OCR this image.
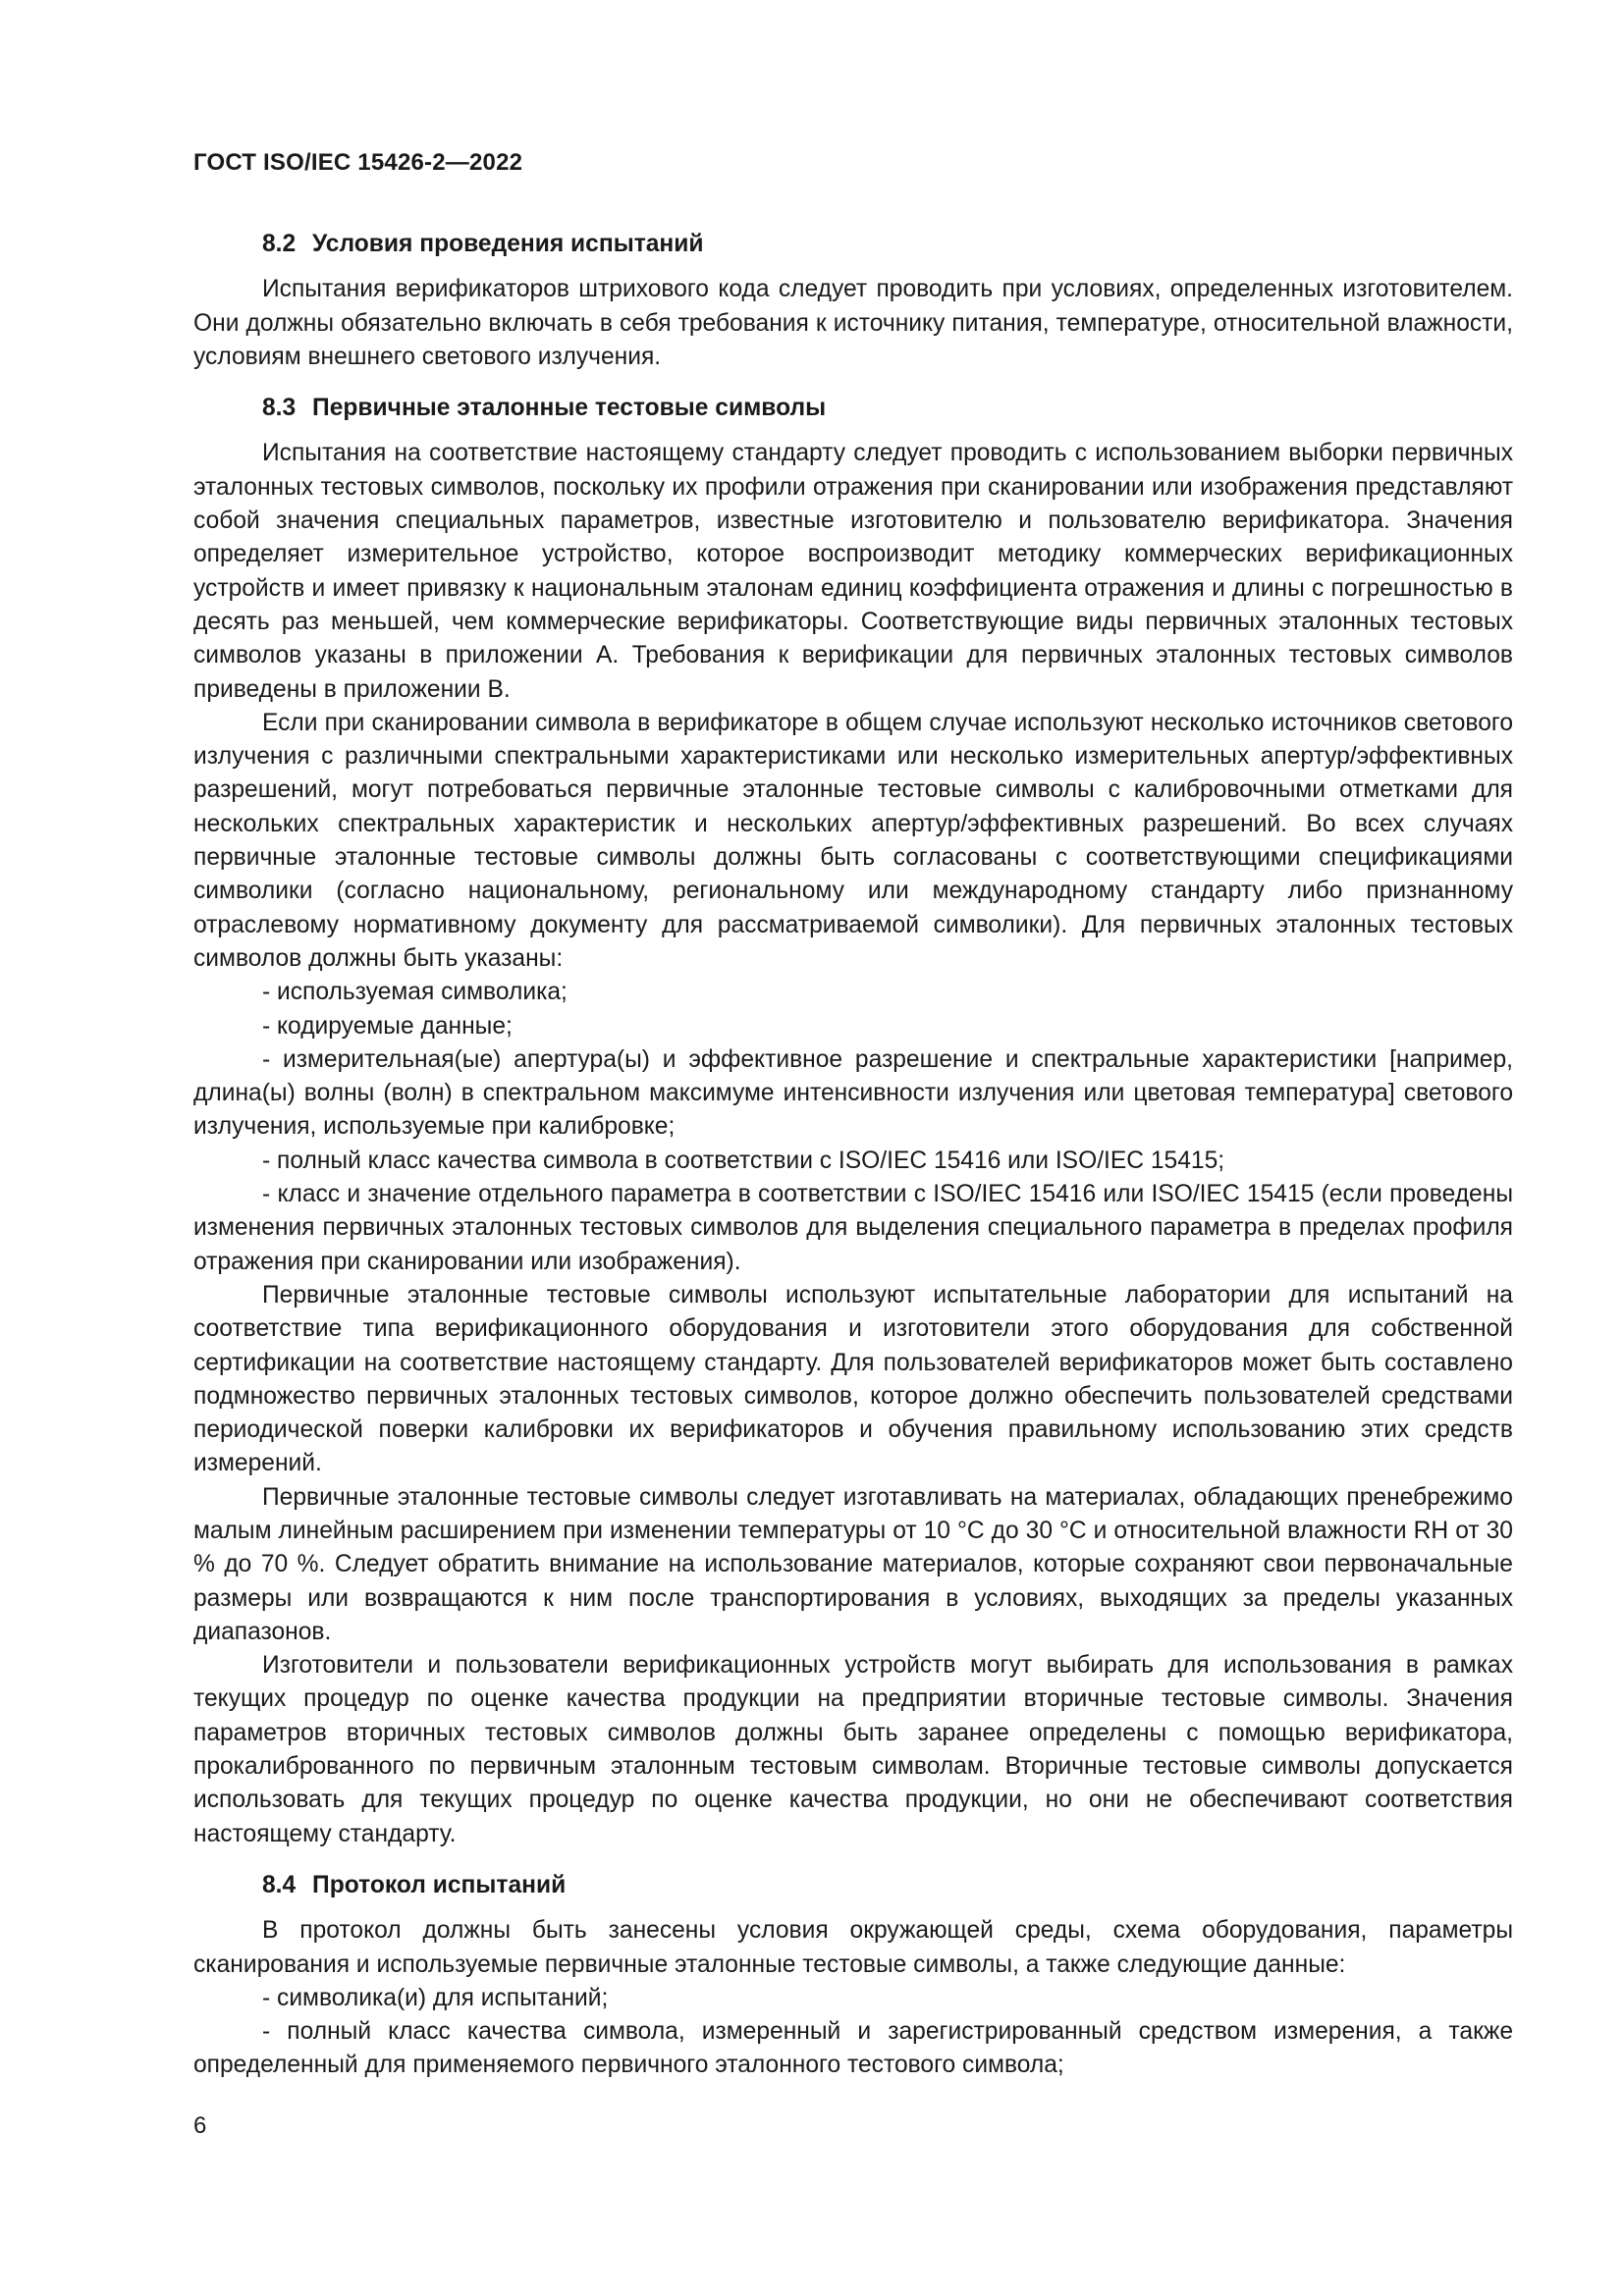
ГОСТ ISO/IEC 15426-2—2022
8.2 Условия проведения испытаний

Испытания верификаторов штрихового кода следует проводить при условиях, определенных изготовителем. Они должны обязательно включать в себя требования к источнику питания, температуре, относительной влажности, условиям внешнего светового излучения.

8.3 Первичные эталонные тестовые символы

Испытания на соответствие настоящему стандарту следует проводить с использованием выборки первичных эталонных тестовых символов, поскольку их профили отражения при сканировании или изображения представляют собой значения специальных параметров, известные изготовителю и пользователю верификатора. Значения определяет измерительное устройство, которое воспроизводит методику коммерческих верификационных устройств и имеет привязку к национальным эталонам единиц коэффициента отражения и длины с погрешностью в десять раз меньшей, чем коммерческие верификаторы. Соответствующие виды первичных эталонных тестовых символов указаны в приложении А. Требования к верификации для первичных эталонных тестовых символов приведены в приложении В.

Если при сканировании символа в верификаторе в общем случае используют несколько источников светового излучения с различными спектральными характеристиками или несколько измерительных апертур/эффективных разрешений, могут потребоваться первичные эталонные тестовые символы с калибровочными отметками для нескольких спектральных характеристик и нескольких апертур/эффективных разрешений. Во всех случаях первичные эталонные тестовые символы должны быть согласованы с соответствующими спецификациями символики (согласно национальному, региональному или международному стандарту либо признанному отраслевому нормативному документу для рассматриваемой символики). Для первичных эталонных тестовых символов должны быть указаны:

- используемая символика;

- кодируемые данные;

- измерительная(ые) апертура(ы) и эффективное разрешение и спектральные характеристики [например, длина(ы) волны (волн) в спектральном максимуме интенсивности излучения или цветовая температура] светового излучения, используемые при калибровке;

- полный класс качества символа в соответствии с ISO/IEC 15416 или ISO/IEC 15415;

- класс и значение отдельного параметра в соответствии с ISO/IEC 15416 или ISO/IEC 15415 (если проведены изменения первичных эталонных тестовых символов для выделения специального параметра в пределах профиля отражения при сканировании или изображения).

Первичные эталонные тестовые символы используют испытательные лаборатории для испытаний на соответствие типа верификационного оборудования и изготовители этого оборудования для собственной сертификации на соответствие настоящему стандарту. Для пользователей верификаторов может быть составлено подмножество первичных эталонных тестовых символов, которое должно обеспечить пользователей средствами периодической поверки калибровки их верификаторов и обучения правильному использованию этих средств измерений.

Первичные эталонные тестовые символы следует изготавливать на материалах, обладающих пренебрежимо малым линейным расширением при изменении температуры от 10 °С до 30 °С и относительной влажности RH от 30 % до 70 %. Следует обратить внимание на использование материалов, которые сохраняют свои первоначальные размеры или возвращаются к ним после транспортирования в условиях, выходящих за пределы указанных диапазонов.

Изготовители и пользователи верификационных устройств могут выбирать для использования в рамках текущих процедур по оценке качества продукции на предприятии вторичные тестовые символы. Значения параметров вторичных тестовых символов должны быть заранее определены с помощью верификатора, прокалиброванного по первичным эталонным тестовым символам. Вторичные тестовые символы допускается использовать для текущих процедур по оценке качества продукции, но они не обеспечивают соответствия настоящему стандарту.

8.4 Протокол испытаний

В протокол должны быть занесены условия окружающей среды, схема оборудования, параметры сканирования и используемые первичные эталонные тестовые символы, а также следующие данные:

- символика(и) для испытаний;

- полный класс качества символа, измеренный и зарегистрированный средством измерения, а также определенный для применяемого первичного эталонного тестового символа;

6
